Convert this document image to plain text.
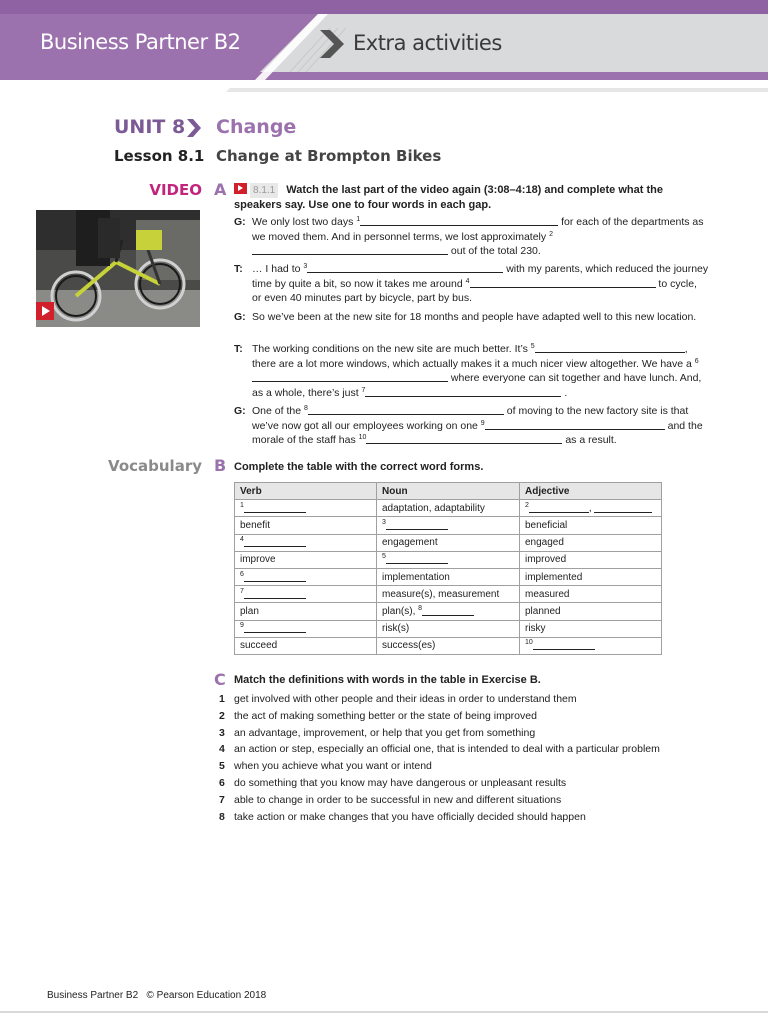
Business Partner B2	Extra activities
UNIT 8 Change
Lesson 8.1 Change at Brompton Bikes
VIDEO A	8.1.1 Watch the last part of the video again (3:08–4:18) and complete what the speakers say. Use one to four words in each gap.
G: We only lost two days $^1$	for each of the departments as we moved them. And in personnel terms, we lost approximately $^2$ out of the total 230.
T: … I had to $^3$	with my parents, which reduced the journey time by quite a bit, so now it takes me around $^4$	to cycle, or even 40 minutes part by bicycle, part by bus.
G: So we’ve been at the new site for 18 months and people have adapted well to this new location.
T: The working conditions on the new site are much better. It’s $^5$	, there are a lot more windows, which actually makes it a much nicer view altogether. We have a $^6$ where everyone can sit together and have lunch. And, as a whole, there’s just $^7$	.
G: One of the $^8$	of moving to the new factory site is that we’ve now got all our employees working on one $^9$	and the morale of the staff has $^{10}$	as a result.
Vocabulary B Complete the table with the correct word forms.
Verb	Noun	Adjective
$^1$	adaptation, adaptability	$^2$ ,
benefit	$^3$	beneficial
$^4$	engagement	engaged
improve	$^5$	improved
$^6$	implementation	implemented
$^7$	measure(s), measurement	measured
plan	plan(s), $^8$	planned
$^9$	risk(s)	risky
succeed	success(es)	$^{10}$
C Match the definitions with words in the table in Exercise B.
1 get involved with other people and their ideas in order to understand them
2 the act of making something better or the state of being improved
3 an advantage, improvement, or help that you get from something
4 an action or step, especially an official one, that is intended to deal with a particular problem
5 when you achieve what you want or intend
6 do something that you know may have dangerous or unpleasant results
7 able to change in order to be successful in new and different situations
8 take action or make changes that you have officially decided should happen
Business Partner B2 © Pearson Education 2018
